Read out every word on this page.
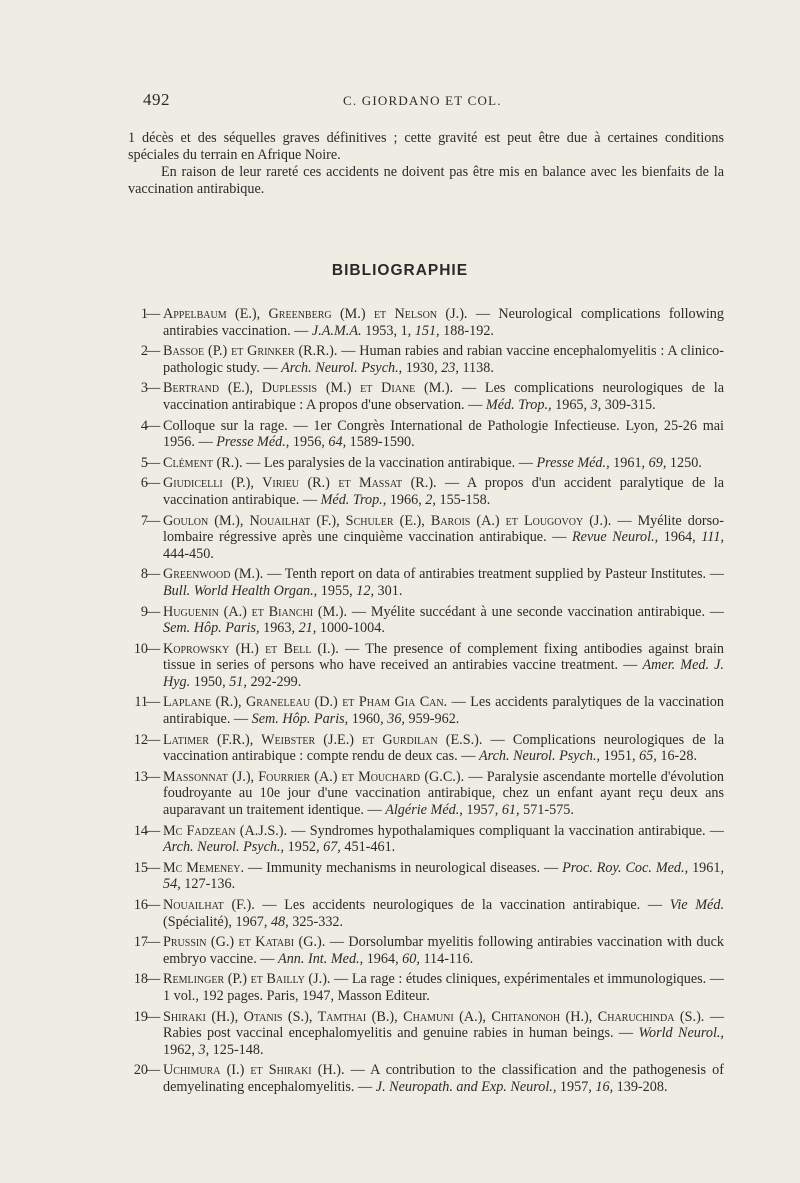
492	C. GIORDANO ET COL.

1 décès et des séquelles graves définitives ; cette gravité est peut être due à certaines conditions spéciales du terrain en Afrique Noire.

En raison de leur rareté ces accidents ne doivent pas être mis en balance avec les bienfaits de la vaccination antirabique.

BIBLIOGRAPHIE
1
— Appelbaum (E.), Greenberg (M.) et Nelson (J.). — Neurological complications following antirabies vaccination. — J.A.M.A. 1953, 1, 151, 188-192.
2
— Bassoe (P.) et Grinker (R.R.). — Human rabies and rabian vaccine encephalomyelitis : A clinico-pathologic study. — Arch. Neurol. Psych., 1930, 23, 1138.
3
— Bertrand (E.), Duplessis (M.) et Diane (M.). — Les complications neurologiques de la vaccination antirabique : A propos d'une observation. — Méd. Trop., 1965, 3, 309-315.
4
— Colloque sur la rage. — 1er Congrès International de Pathologie Infectieuse. Lyon, 25-26 mai 1956. — Presse Méd., 1956, 64, 1589-1590.
5
— Clément (R.). — Les paralysies de la vaccination antirabique. — Presse Méd., 1961, 69, 1250.
6
— Giudicelli (P.), Virieu (R.) et Massat (R.). — A propos d'un accident paralytique de la vaccination antirabique. — Méd. Trop., 1966, 2, 155-158.
7
— Goulon (M.), Nouailhat (F.), Schuler (E.), Barois (A.) et Lougovoy (J.). — Myélite dorso-lombaire régressive après une cinquième vaccination antirabique. — Revue Neurol., 1964, 111, 444-450.
8
— Greenwood (M.). — Tenth report on data of antirabies treatment supplied by Pasteur Institutes. — Bull. World Health Organ., 1955, 12, 301.
9
— Huguenin (A.) et Bianchi (M.). — Myélite succédant à une seconde vaccination antirabique. — Sem. Hôp. Paris, 1963, 21, 1000-1004.
10
— Koprowsky (H.) et Bell (I.). — The presence of complement fixing antibodies against brain tissue in series of persons who have received an antirabies vaccine treatment. — Amer. Med. J. Hyg. 1950, 51, 292-299.
11
— Laplane (R.), Graneleau (D.) et Pham Gia Can. — Les accidents paralytiques de la vaccination antirabique. — Sem. Hôp. Paris, 1960, 36, 959-962.
12
— Latimer (F.R.), Weibster (J.E.) et Gurdilan (E.S.). — Complications neurologiques de la vaccination antirabique : compte rendu de deux cas. — Arch. Neurol. Psych., 1951, 65, 16-28.
13
— Massonnat (J.), Fourrier (A.) et Mouchard (G.C.). — Paralysie ascendante mortelle d'évolution foudroyante au 10e jour d'une vaccination antirabique, chez un enfant ayant reçu deux ans auparavant un traitement identique. — Algérie Méd., 1957, 61, 571-575.
14
— Mc Fadzean (A.J.S.). — Syndromes hypothalamiques compliquant la vaccination antirabique. — Arch. Neurol. Psych., 1952, 67, 451-461.
15
— Mc Memeney. — Immunity mechanisms in neurological diseases. — Proc. Roy. Coc. Med., 1961, 54, 127-136.
16
— Nouailhat (F.). — Les accidents neurologiques de la vaccination antirabique. — Vie Méd. (Spécialité), 1967, 48, 325-332.
17
— Prussin (G.) et Katabi (G.). — Dorsolumbar myelitis following antirabies vaccination with duck embryo vaccine. — Ann. Int. Med., 1964, 60, 114-116.
18
— Remlinger (P.) et Bailly (J.). — La rage : études cliniques, expérimentales et immunologiques. — 1 vol., 192 pages. Paris, 1947, Masson Editeur.
19
— Shiraki (H.), Otanis (S.), Tamthai (B.), Chamuni (A.), Chitanonoh (H.), Charuchinda (S.). — Rabies post vaccinal encephalomyelitis and genuine rabies in human beings. — World Neurol., 1962, 3, 125-148.
20
— Uchimura (I.) et Shiraki (H.). — A contribution to the classification and the pathogenesis of demyelinating encephalomyelitis. — J. Neuropath. and Exp. Neurol., 1957, 16, 139-208.
